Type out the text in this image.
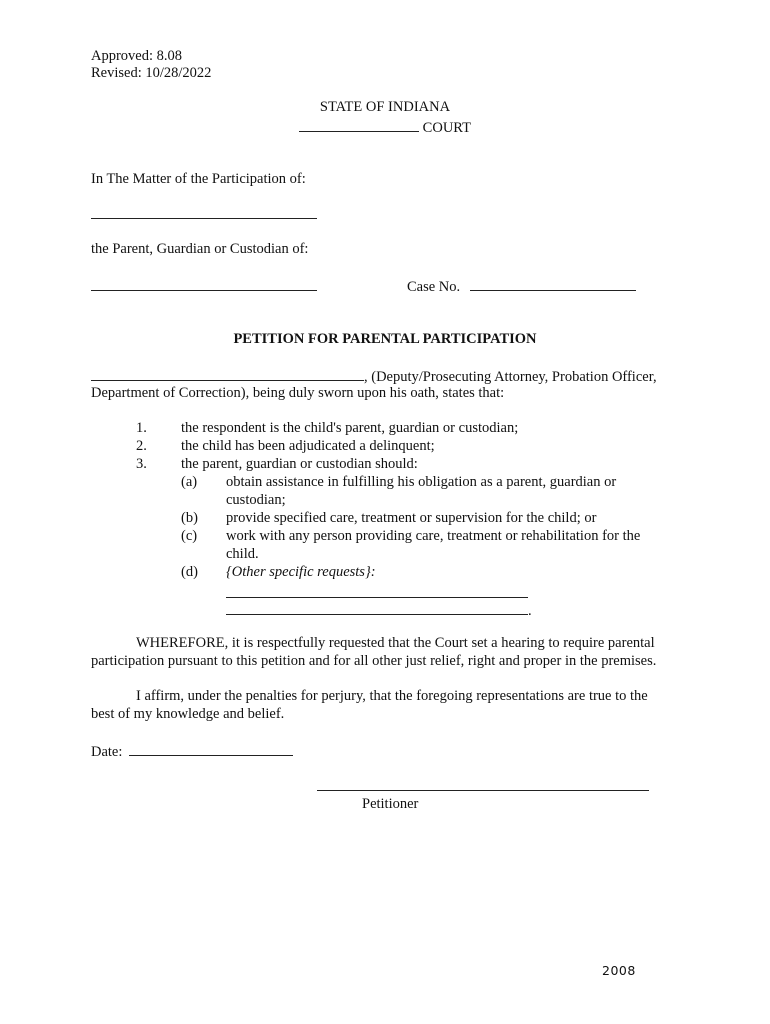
Approved: 8.08
Revised: 10/28/2022
STATE OF INDIANA
COURT
In The Matter of the Participation of:
the Parent, Guardian or Custodian of:
Case No.
PETITION FOR PARENTAL PARTICIPATION
, (Deputy/Prosecuting Attorney, Probation Officer,
Department of Correction), being duly sworn upon his oath, states that:
1. the respondent is the child's parent, guardian or custodian;
2. the child has been adjudicated a delinquent;
3. the parent, guardian or custodian should:
(a) obtain assistance in fulfilling his obligation as a parent, guardian or
custodian;
(b) provide specified care, treatment or supervision for the child; or
(c) work with any person providing care, treatment or rehabilitation for the
child.
(d) {Other specific requests}:
.
WHEREFORE, it is respectfully requested that the Court set a hearing to require parental
participation pursuant to this petition and for all other just relief, right and proper in the premises.
I affirm, under the penalties for perjury, that the foregoing representations are true to the
best of my knowledge and belief.
Date:
Petitioner
2008
